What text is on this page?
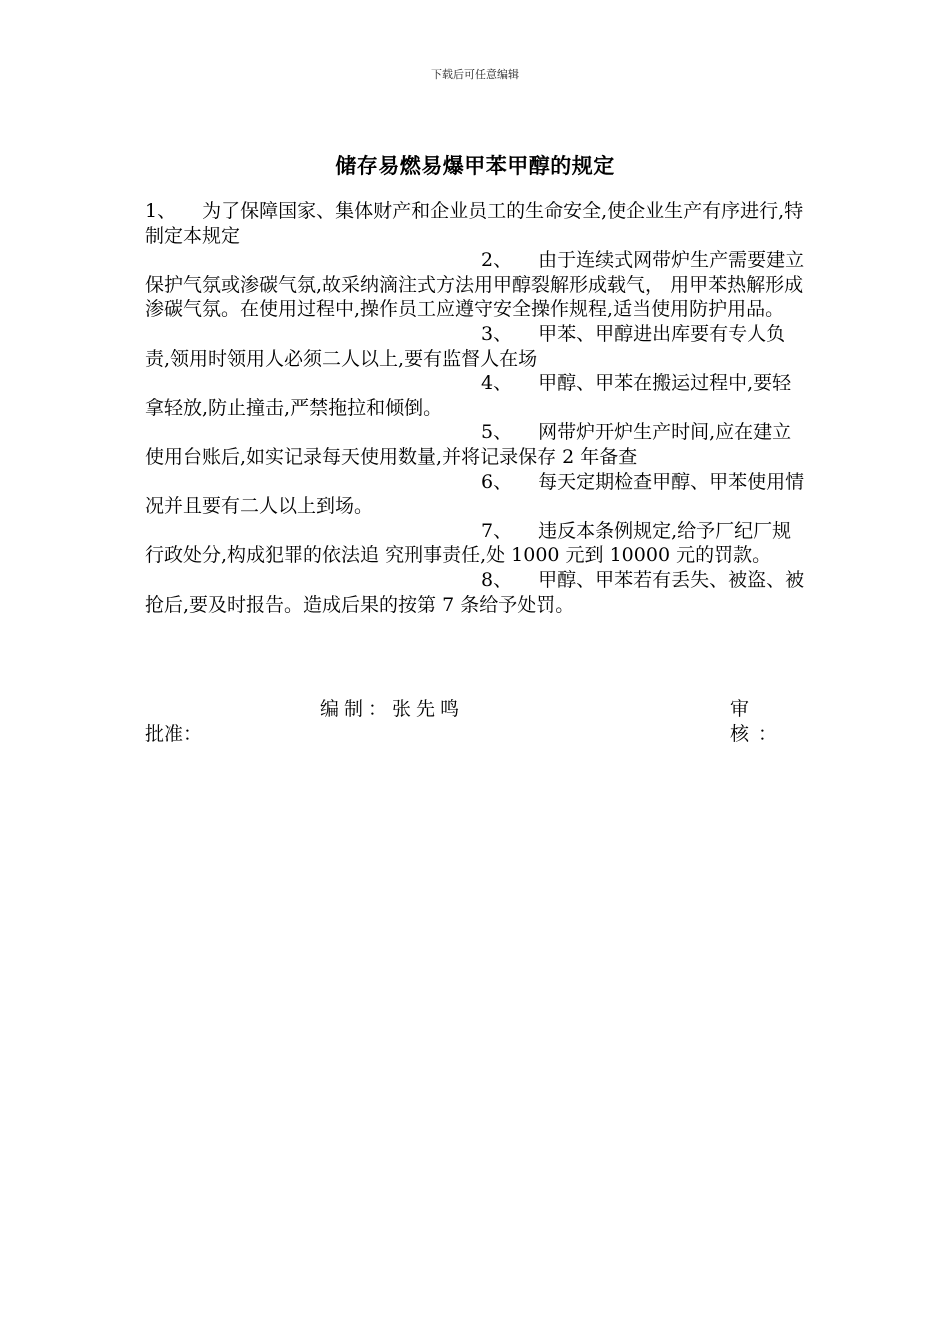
下载后可任意编辑
储存易燃易爆甲苯甲醇的规定

1、 为了保障国家、集体财产和企业员工的生命安全,使企业生产有序进行,特制定本规定

2、 由于连续式网带炉生产需要建立保护气氛或渗碳气氛,故采纳滴注式方法用甲醇裂解形成载气， 用甲苯热解形成渗碳气氛。在使用过程中,操作员工应遵守安全操作规程,适当使用防护用品。

3、 甲苯、甲醇进出库要有专人负责,领用时领用人必须二人以上,要有监督人在场

4、 甲醇、甲苯在搬运过程中,要轻拿轻放,防止撞击,严禁拖拉和倾倒。

5、 网带炉开炉生产时间,应在建立使用台账后,如实记录每天使用数量,并将记录保存 2 年备查

6、 每天定期检查甲醇、甲苯使用情况并且要有二人以上到场。

7、 违反本条例规定,给予厂纪厂规行政处分,构成犯罪的依法追 究刑事责任,处 1000 元到 10000 元的罚款。

8、 甲醇、甲苯若有丢失、被盗、被抢后,要及时报告。造成后果的按第 7 条给予处罚。

编制：张先鸣	审核：
批准：
